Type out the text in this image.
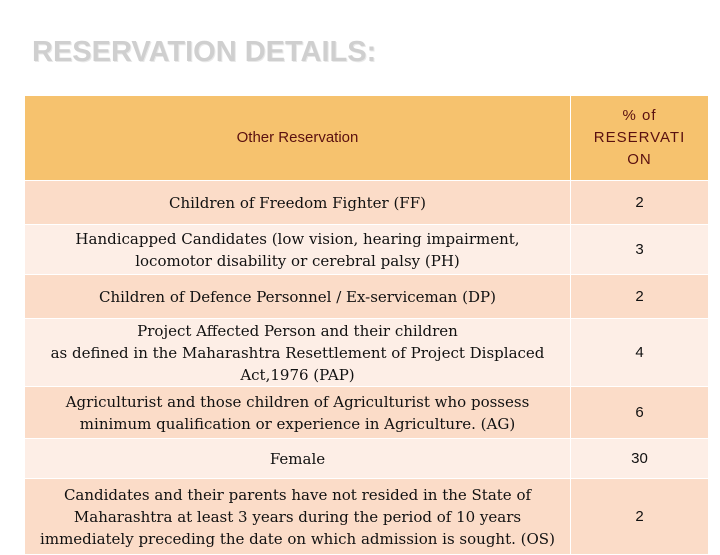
RESERVATION DETAILS:
Other Reservation	% of
RESERVATI
ON

Children of Freedom Fighter (FF)	2

Handicapped Candidates (low vision, hearing impairment,
locomotor disability or cerebral palsy (PH)	3

Children of Defence Personnel / Ex-serviceman (DP)	2

Project Affected Person and their children
as defined in the Maharashtra Resettlement of Project Displaced
Act,1976 (PAP)	4

Agriculturist and those children of Agriculturist who possess
minimum qualification or experience in Agriculture. (AG)	6

Female	30

Candidates and their parents have not resided in the State of
Maharashtra at least 3 years during the period of 10 years
immediately preceding the date on which admission is sought. (OS)	2
